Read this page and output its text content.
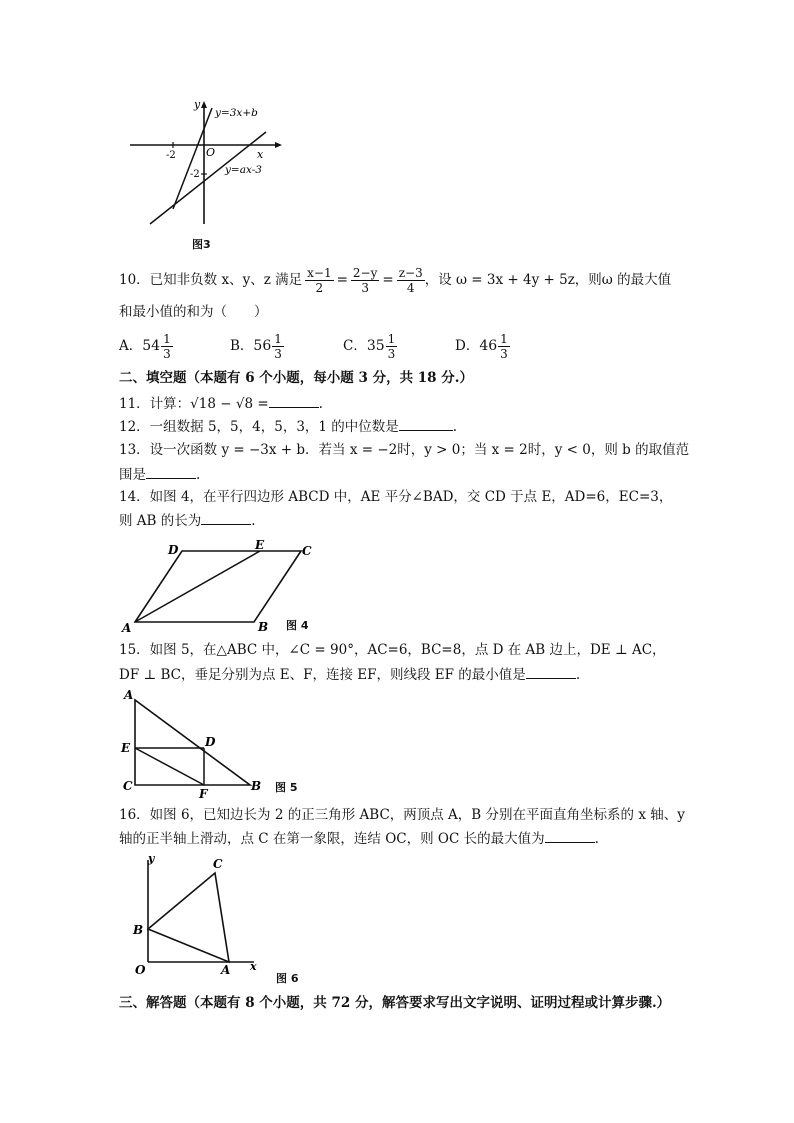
y
y=3x+b
x
O
-2
-2 y=ax-3
图3
10．已知非负数 x、y、z 满足 $\frac{x-1}{2} = \frac{2-y}{3} = \frac{z-3}{4}$ ，设 ω = 3x + 4y + 5z，则ω 的最大值
和最小值的和为（　　）
A． $54 \frac{1}{3}$	B． $56 \frac{1}{3}$	C． $35 \frac{1}{3}$	D． $46 \frac{1}{3}$
二、填空题（本题有 6 个小题，每小题 3 分，共 18 分.）
11．计算：√18 − √8 =	.
12．一组数据 5，5，4，5，3，1 的中位数是	.
13．设一次函数 y = −3x + b．若当 x = −2时，y > 0；当 x = 2时，y < 0，则 b 的取值范
围是	.
14．如图 4，在平行四边形 ABCD 中，AE 平分∠BAD，交 CD 于点 E，AD=6，EC=3，
则 AB 的长为	.
D	E	C
A	B 图 4
15．如图 5，在△ABC 中，∠C = 90°，AC=6，BC=8，点 D 在 AB 边上，DE ⊥ AC，
DF ⊥ BC，垂足分别为点 E、F，连接 EF，则线段 EF 的最小值是	.
A
E	D
C
F
B 图 5
16．如图 6，已知边长为 2 的正三角形 ABC，两顶点 A，B 分别在平面直角坐标系的 x 轴、y
轴的正半轴上滑动，点 C 在第一象限，连结 OC，则 OC 长的最大值为	.
y	C
B
O	A x
图 6
三、解答题（本题有 8 个小题，共 72 分，解答要求写出文字说明、证明过程或计算步骤.）
